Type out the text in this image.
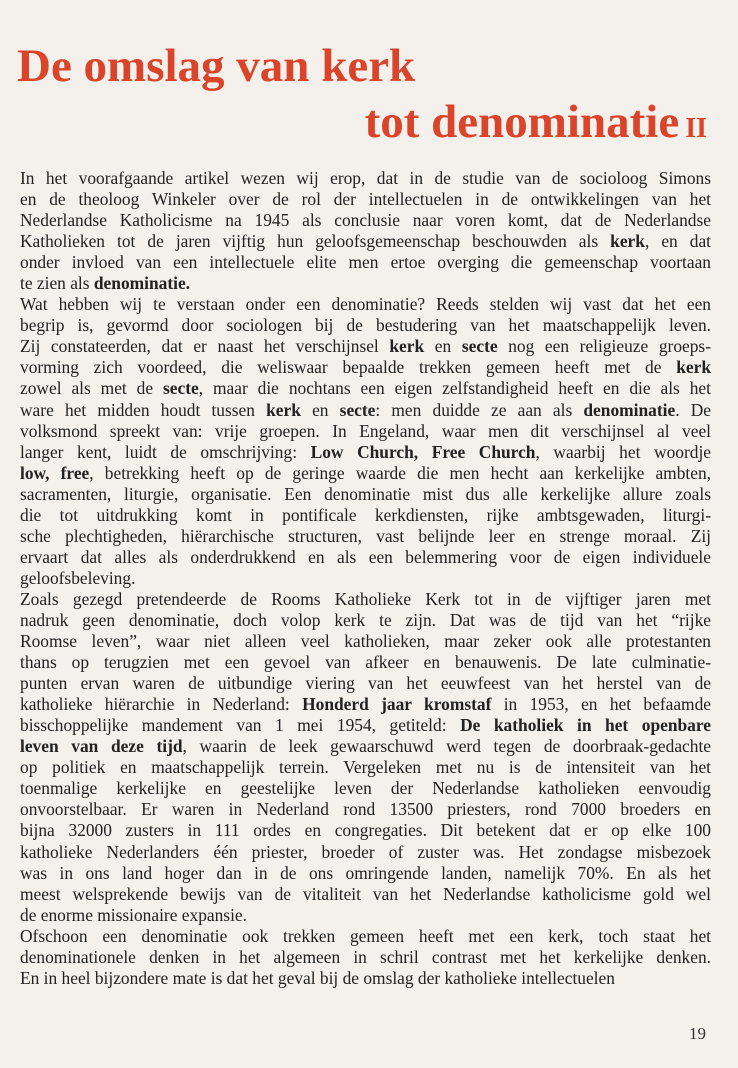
De omslag van kerk
tot denominatie II
In het voorafgaande artikel wezen wij erop, dat in de studie van de socioloog Simons
en de theoloog Winkeler over de rol der intellectuelen in de ontwikkelingen van het
Nederlandse Katholicisme na 1945 als conclusie naar voren komt, dat de Nederlandse
Katholieken tot de jaren vijftig hun geloofsgemeenschap beschouwden als kerk, en dat
onder invloed van een intellectuele elite men ertoe overging die gemeenschap voortaan
te zien als denominatie.
Wat hebben wij te verstaan onder een denominatie? Reeds stelden wij vast dat het een
begrip is, gevormd door sociologen bij de bestudering van het maatschappelijk leven.
Zij constateerden, dat er naast het verschijnsel kerk en secte nog een religieuze groeps-
vorming zich voordeed, die weliswaar bepaalde trekken gemeen heeft met de kerk
zowel als met de secte, maar die nochtans een eigen zelfstandigheid heeft en die als het
ware het midden houdt tussen kerk en secte: men duidde ze aan als denominatie. De
volksmond spreekt van: vrije groepen. In Engeland, waar men dit verschijnsel al veel
langer kent, luidt de omschrijving: Low Church, Free Church, waarbij het woordje
low, free, betrekking heeft op de geringe waarde die men hecht aan kerkelijke ambten,
sacramenten, liturgie, organisatie. Een denominatie mist dus alle kerkelijke allure zoals
die tot uitdrukking komt in pontificale kerkdiensten, rijke ambtsgewaden, liturgi-
sche plechtigheden, hiërarchische structuren, vast belijnde leer en strenge moraal. Zij
ervaart dat alles als onderdrukkend en als een belemmering voor de eigen individuele
geloofsbeleving.
Zoals gezegd pretendeerde de Rooms Katholieke Kerk tot in de vijftiger jaren met
nadruk geen denominatie, doch volop kerk te zijn. Dat was de tijd van het “rijke
Roomse leven”, waar niet alleen veel katholieken, maar zeker ook alle protestanten
thans op terugzien met een gevoel van afkeer en benauwenis. De late culminatie-
punten ervan waren de uitbundige viering van het eeuwfeest van het herstel van de
katholieke hiërarchie in Nederland: Honderd jaar kromstaf in 1953, en het befaamde
bisschoppelijke mandement van 1 mei 1954, getiteld: De katholiek in het openbare
leven van deze tijd, waarin de leek gewaarschuwd werd tegen de doorbraak-gedachte
op politiek en maatschappelijk terrein. Vergeleken met nu is de intensiteit van het
toenmalige kerkelijke en geestelijke leven der Nederlandse katholieken eenvoudig
onvoorstelbaar. Er waren in Nederland rond 13500 priesters, rond 7000 broeders en
bijna 32000 zusters in 111 ordes en congregaties. Dit betekent dat er op elke 100
katholieke Nederlanders één priester, broeder of zuster was. Het zondagse misbezoek
was in ons land hoger dan in de ons omringende landen, namelijk 70%. En als het
meest welsprekende bewijs van de vitaliteit van het Nederlandse katholicisme gold wel
de enorme missionaire expansie.
Ofschoon een denominatie ook trekken gemeen heeft met een kerk, toch staat het
denominationele denken in het algemeen in schril contrast met het kerkelijke denken.
En in heel bijzondere mate is dat het geval bij de omslag der katholieke intellectuelen
19
